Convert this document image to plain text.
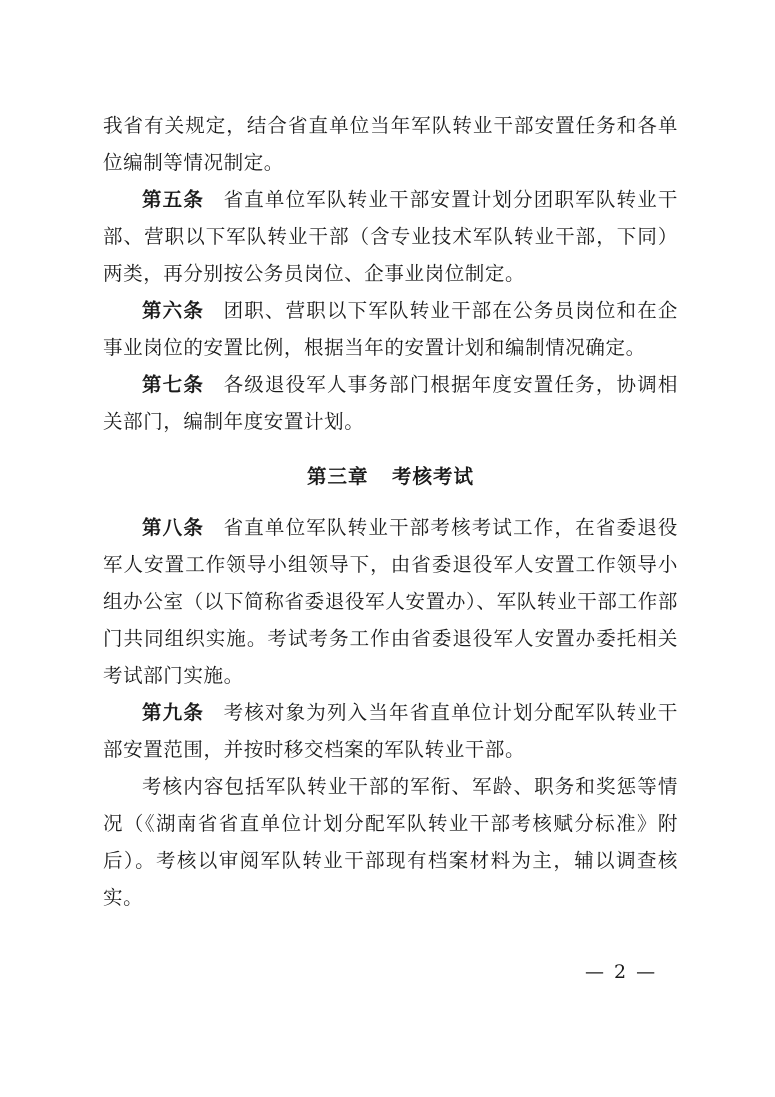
我省有关规定，结合省直单位当年军队转业干部安置任务和各单位编制等情况制定。

第五条 省直单位军队转业干部安置计划分团职军队转业干部、营职以下军队转业干部（含专业技术军队转业干部，下同）两类，再分别按公务员岗位、企事业岗位制定。

第六条 团职、营职以下军队转业干部在公务员岗位和在企事业岗位的安置比例，根据当年的安置计划和编制情况确定。

第七条 各级退役军人事务部门根据年度安置任务，协调相关部门，编制年度安置计划。

第三章 考核考试

第八条 省直单位军队转业干部考核考试工作，在省委退役军人安置工作领导小组领导下，由省委退役军人安置工作领导小组办公室（以下简称省委退役军人安置办）、军队转业干部工作部门共同组织实施。考试考务工作由省委退役军人安置办委托相关考试部门实施。

第九条 考核对象为列入当年省直单位计划分配军队转业干部安置范围，并按时移交档案的军队转业干部。

考核内容包括军队转业干部的军衔、军龄、职务和奖惩等情况（《湖南省省直单位计划分配军队转业干部考核赋分标准》附后）。考核以审阅军队转业干部现有档案材料为主，辅以调查核实。

— 2 —
